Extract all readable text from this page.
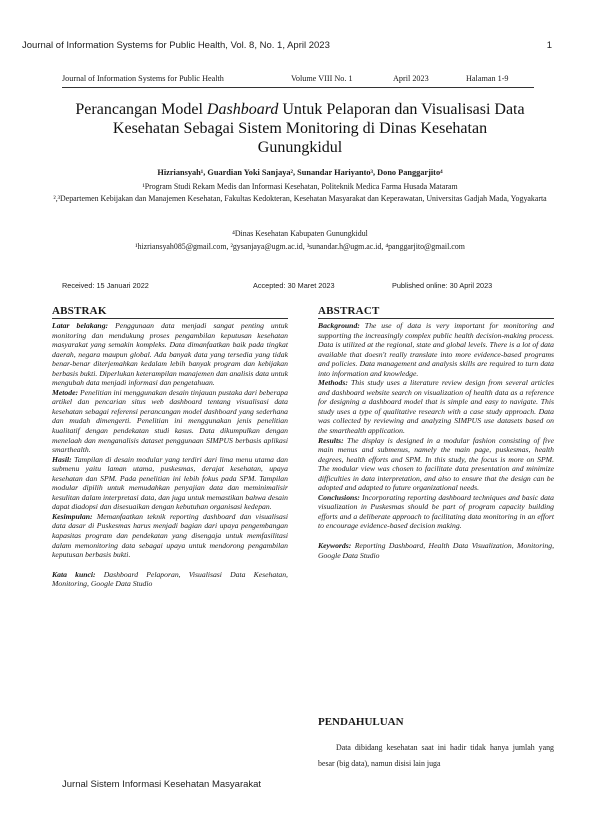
Journal of Information Systems for Public Health, Vol. 8, No. 1, April 2023	1
Journal of Information Systems for Public Health	Volume VIII No. 1	April 2023	Halaman 1-9
Perancangan Model Dashboard Untuk Pelaporan dan Visualisasi Data Kesehatan Sebagai Sistem Monitoring di Dinas Kesehatan Gunungkidul
Hizriansyah¹, Guardian Yoki Sanjaya², Sunandar Hariyanto³, Dono Panggarjito⁴
¹Program Studi Rekam Medis dan Informasi Kesehatan, Politeknik Medica Farma Husada Mataram
²,³Departemen Kebijakan dan Manajemen Kesehatan, Fakultas Kedokteran, Kesehatan Masyarakat dan Keperawatan, Universitas Gadjah Mada, Yogyakarta
⁴Dinas Kesehatan Kabupaten Gunungkidul
¹hizriansyah085@gmail.com, ²gysanjaya@ugm.ac.id, ³sunandar.h@ugm.ac.id, ⁴panggarjito@gmail.com
Received: 15 Januari 2022	Accepted: 30 Maret 2023	Published online: 30 April 2023
ABSTRAK

Latar belakang: Penggunaan data menjadi sangat penting untuk monitoring dan mendukung proses pengambilan keputusan kesehatan masyarakat yang semakin kompleks. Data dimanfaatkan baik pada tingkat daerah, negara maupun global. Ada banyak data yang tersedia yang tidak benar-benar diterjemahkan kedalam lebih banyak program dan kebijakan berbasis bukti. Diperlukan keterampilan manajemen dan analisis data untuk mengubah data menjadi informasi dan pengetahuan.

Metode: Penelitian ini menggunakan desain tinjauan pustaka dari beberapa artikel dan pencarian situs web dashboard tentang visualisasi data kesehatan sebagai referensi perancangan model dashboard yang sederhana dan mudah dimengerti. Penelitian ini menggunakan jenis penelitian kualitatif dengan pendekatan studi kasus. Data dikumpulkan dengan menelaah dan menganalisis dataset penggunaan SIMPUS berbasis aplikasi smarthealth.

Hasil: Tampilan di desain modular yang terdiri dari lima menu utama dan submenu yaitu laman utama, puskesmas, derajat kesehatan, upaya kesehatan dan SPM. Pada penelitian ini lebih fokus pada SPM. Tampilan modular dipilih untuk memudahkan penyajian data dan meminimalisir kesulitan dalam interpretasi data, dan juga untuk memastikan bahwa desain dapat diadopsi dan disesuaikan dengan kebutuhan organisasi kedepan.

Kesimpulan: Memanfaatkan teknik reporting dashboard dan visualisasi data dasar di Puskesmas harus menjadi bagian dari upaya pengembangan kapasitas program dan pendekatan yang disengaja untuk memfasilitasi dalam memonitoring data sebagai upaya untuk mendorong pengambilan keputusan berbasis bukti.

Kata kunci: Dashboard Pelaporan, Visualisasi Data Kesehatan, Monitoring, Google Data Studio

ABSTRACT

Background: The use of data is very important for monitoring and supporting the increasingly complex public health decision-making process. Data is utilized at the regional, state and global levels. There is a lot of data available that doesn't really translate into more evidence-based programs and policies. Data management and analysis skills are required to turn data into information and knowledge.

Methods: This study uses a literature review design from several articles and dashboard website search on visualization of health data as a reference for designing a dashboard model that is simple and easy to navigate. This study uses a type of qualitative research with a case study approach. Data was collected by reviewing and analyzing SIMPUS use datasets based on the smarthealth application.

Results: The display is designed in a modular fashion consisting of five main menus and submenus, namely the main page, puskesmas, health degrees, health efforts and SPM. In this study, the focus is more on SPM. The modular view was chosen to facilitate data presentation and minimize difficulties in data interpretation, and also to ensure that the design can be adopted and adapted to future organizational needs.

Conclusions: Incorporating reporting dashboard techniques and basic data visualization in Puskesmas should be part of program capacity building efforts and a deliberate approach to facilitating data monitoring in an effort to encourage evidence-based decision making.

Keywords: Reporting Dashboard, Health Data Visualization, Monitoring, Google Data Studio

PENDAHULUAN

Data dibidang kesehatan saat ini hadir tidak hanya jumlah yang besar (big data), namun disisi lain juga

Jurnal Sistem Informasi Kesehatan Masyarakat
